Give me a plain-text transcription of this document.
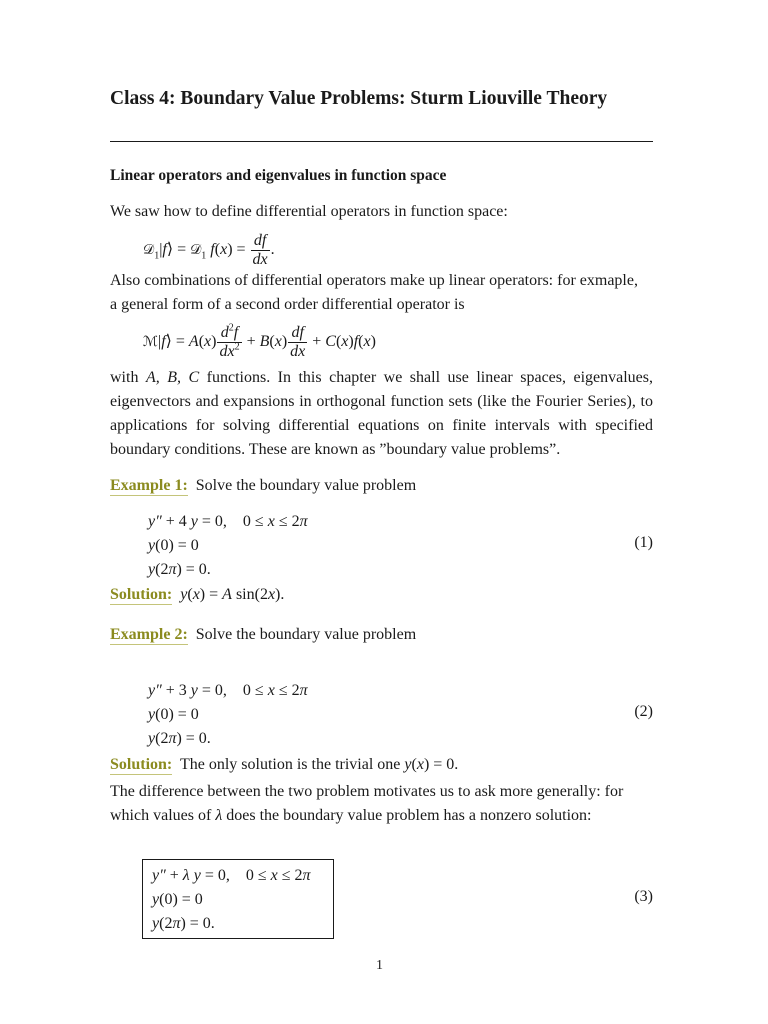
Class 4: Boundary Value Problems: Sturm Liouville Theory
Linear operators and eigenvalues in function space
We saw how to define differential operators in function space:
𝒟$_1$|f⟩ = 𝒟$_1$ $f(x) = \frac{df}{dx}$ .
Also combinations of differential operators make up linear operators: for exmaple,
a general form of a second order differential operator is
ℳ|f⟩ = $A(x) \frac{d^2f}{dx^2} + B(x) \frac{df}{dx} + C(x)f(x)$
with A, B, C functions. In this chapter we shall use linear spaces, eigenvalues, eigenvectors and expansions in orthogonal function sets (like the Fourier Series), to applications for solving differential equations on finite intervals with specified boundary conditions. These are known as ”boundary value problems”.
Example 1: Solve the boundary value problem
y″ + 4 y = 0,    0 ≤ x ≤ 2π
y(0) = 0
y(2π) = 0.
(1)
Solution: y(x) = A sin(2x).
Example 2: Solve the boundary value problem
y″ + 3 y = 0,    0 ≤ x ≤ 2π
y(0) = 0
y(2π) = 0.
(2)
Solution: The only solution is the trivial one y(x) = 0.
The difference between the two problem motivates us to ask more generally: for
which values of λ does the boundary value problem has a nonzero solution:
y″ + λ y = 0,    0 ≤ x ≤ 2π
y(0) = 0
y(2π) = 0.
(3)
1
